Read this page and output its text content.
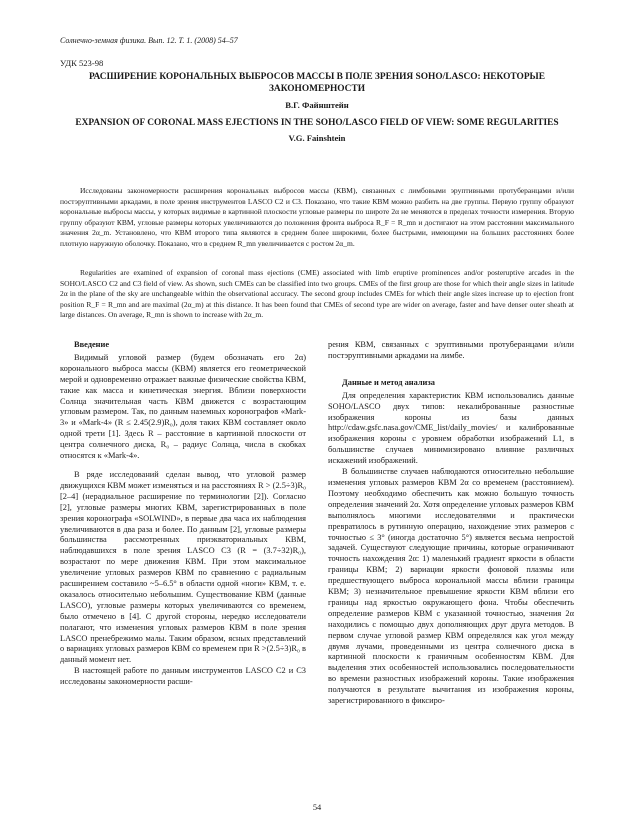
Солнечно-земная физика. Вып. 12. Т. 1. (2008) 54–57
УДК 523-98
РАСШИРЕНИЕ КОРОНАЛЬНЫХ ВЫБРОСОВ МАССЫ В ПОЛЕ ЗРЕНИЯ SOHO/LASCO: НЕКОТОРЫЕ ЗАКОНОМЕРНОСТИ
В.Г. Файнштейн
EXPANSION OF CORONAL MASS EJECTIONS IN THE SOHO/LASCO FIELD OF VIEW: SOME REGULARITIES
V.G. Fainshtein
Исследованы закономерности расширения корональных выбросов массы (КВМ), связанных с лимбовыми эруптивными протуберанцами и/или постэруптивными аркадами, в поле зрения инструментов LASCO C2 и C3. Показано, что такие КВМ можно разбить на две группы. Первую группу образуют корональные выбросы массы, у которых видимые в картинной плоскости угловые размеры по широте 2α не меняются в пределах точности измерения. Вторую группу образуют КВМ, угловые размеры которых увеличиваются до положения фронта выброса R_F = R_mn и достигают на этом расстоянии максимального значения 2α_m. Установлено, что КВМ второго типа являются в среднем более широкими, более быстрыми, имеющими на больших расстояниях более плотную наружную оболочку. Показано, что в среднем R_mn увеличивается с ростом 2α_m.
Regularities are examined of expansion of coronal mass ejections (CME) associated with limb eruptive prominences and/or posteruptive arcades in the SOHO/LASCO C2 and C3 field of view. As shown, such CMEs can be classified into two groups. CMEs of the first group are those for which their angle sizes in latitude 2α in the plane of the sky are unchangeable within the observational accuracy. The second group includes CMEs for which their angle sizes increase up to ejection front position R_F = R_mn and are maximal (2α_m) at this distance. It has been found that CMEs of second type are wider on average, faster and have denser outer sheath at large distances. On average, R_mn is shown to increase with 2α_m.
Введение

Видимый угловой размер (будем обозначать его 2α) коронального выброса массы (КВМ) является его геометрической мерой и одновременно отражает важные физические свойства КВМ, такие как масса и кинетическая энергия. Вблизи поверхности Солнца значительная часть КВМ движется с возрастающим угловым размером. Так, по данным наземных коронографов «Mark-3» и «Mark-4» (R ≤ 2.45(2.9)R₀), доля таких КВМ составляет около одной трети [1]. Здесь R – расстояние в картинной плоскости от центра солнечного диска, R₀ – радиус Солнца, числа в скобках относятся к «Mark-4».

В ряде исследований сделан вывод, что угловой размер движущихся КВМ может изменяться и на расстояниях R > (2.5÷3)R₀ [2–4] (нерадиальное расширение по терминологии [2]). Согласно [2], угловые размеры многих КВМ, зарегистрированных в поле зрения коронографа «SOLWIND», в первые два часа их наблюдения увеличиваются в два раза и более. По данным [2], угловые размеры большинства рассмотренных приэкваториальных КВМ, наблюдавшихся в поле зрения LASCO C3 (R = (3.7÷32)R₀), возрастают по мере движения КВМ. При этом максимальное увеличение угловых размеров КВМ по сравнению с радиальным расширением составило ~5–6.5° в области одной «ноги» КВМ, т. е. оказалось относительно небольшим. Существование КВМ (данные LASCO), угловые размеры которых увеличиваются со временем, было отмечено в [4]. С другой стороны, нередко исследователи полагают, что изменения угловых размеров КВМ в поле зрения LASCO пренебрежимо малы. Таким образом, ясных представлений о вариациях угловых размеров КВМ со временем при R >(2.5÷3)R₀ в данный момент нет.

В настоящей работе по данным инструментов LASCO C2 и C3 исследованы закономерности расши-

рения КВМ, связанных с эруптивными протуберанцами и/или постэруптивными аркадами на лимбе.

Данные и метод анализа

Для определения характеристик КВМ использовались данные SOHO/LASCO двух типов: некалиброванные разностные изображения короны из базы данных http://cdaw.gsfc.nasa.gov/CME_list/daily_movies/ и калиброванные изображения короны с уровнем обработки изображений L1, в большинстве случаев минимизировано влияние различных искажений изображений.

В большинстве случаев наблюдаются относительно небольшие изменения угловых размеров КВМ 2α со временем (расстоянием). Поэтому необходимо обеспечить как можно большую точность определения значений 2α. Хотя определение угловых размеров КВМ выполнялось многими исследователями и практически превратилось в рутинную операцию, нахождение этих размеров с точностью ≤ 3° (иногда достаточно 5°) является весьма непростой задачей. Существуют следующие причины, которые ограничивают точность нахождения 2α: 1) маленький градиент яркости в области границы КВМ; 2) вариации яркости фоновой плазмы или предшествующего выброса корональной массы вблизи границы КВМ; 3) незначительное превышение яркости КВМ вблизи его границы над яркостью окружающего фона. Чтобы обеспечить определение размеров КВМ с указанной точностью, значения 2α находились с помощью двух дополняющих друг друга методов. В первом случае угловой размер КВМ определялся как угол между двумя лучами, проведенными из центра солнечного диска в картинной плоскости к граничным особенностям КВМ. Для выделения этих особенностей использовались последовательности во времени разностных изображений короны. Такие изображения получаются в результате вычитания из изображения короны, зарегистрированного в фиксиро-

54
